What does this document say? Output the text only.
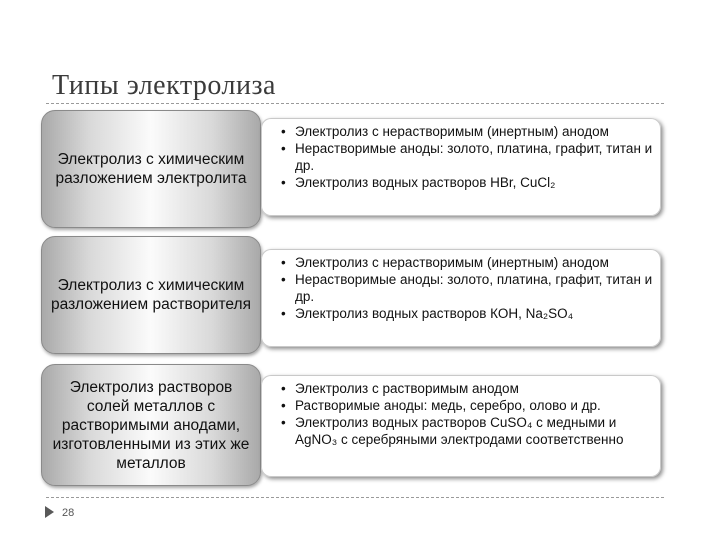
Типы электролиза
Электролиз с химическим разложением электролита
• Электролиз с нерастворимым (инертным) анодом
• Нерастворимые аноды: золото, платина, графит, титан и др.
• Электролиз водных растворов HBr, CuCl₂
Электролиз с химическим разложением растворителя
• Электролиз с нерастворимым (инертным) анодом
• Нерастворимые аноды: золото, платина, графит, титан и др.
• Электролиз водных растворов КОН, Na₂SO₄
Электролиз растворов солей металлов с растворимыми анодами, изготовленными из этих же металлов
• Электролиз с растворимым анодом
• Растворимые аноды: медь, серебро, олово и др.
• Электролиз водных растворов CuSO₄ с медными и AgNO₃ с серебряными электродами соответственно
28
